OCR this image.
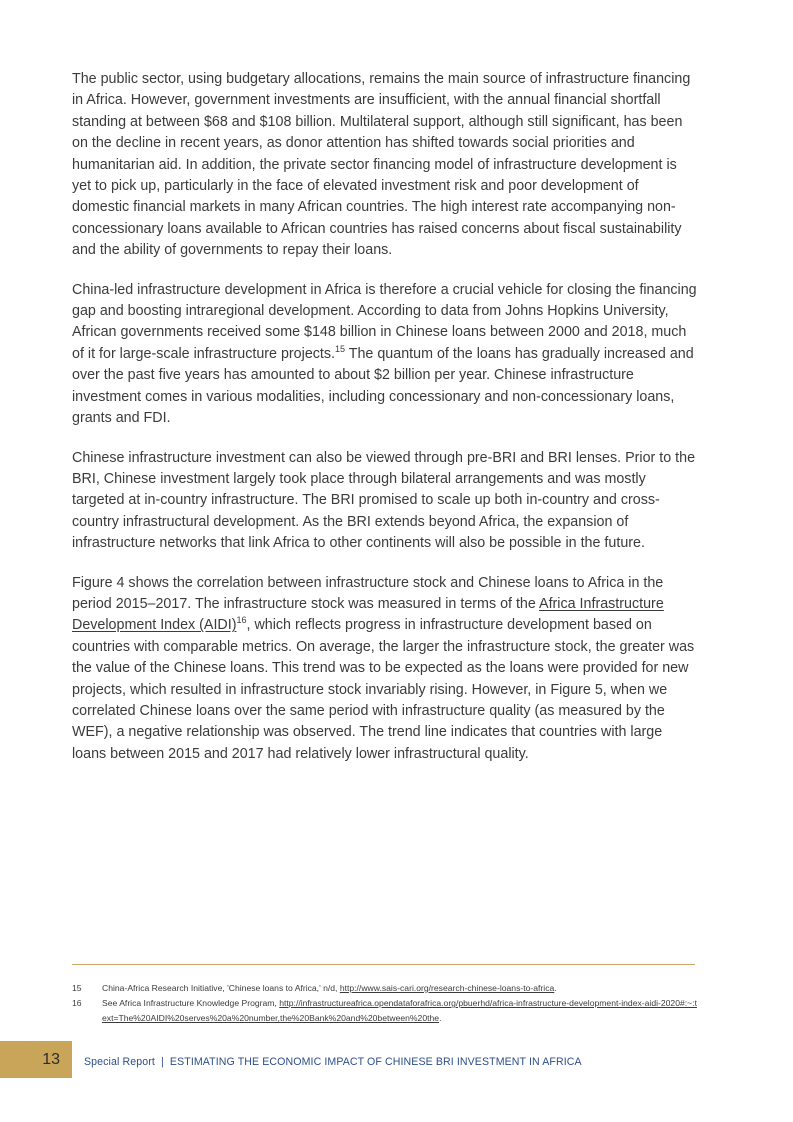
The public sector, using budgetary allocations, remains the main source of infrastructure financing in Africa. However, government investments are insufficient, with the annual financial shortfall standing at between $68 and $108 billion. Multilateral support, although still significant, has been on the decline in recent years, as donor attention has shifted towards social priorities and humanitarian aid. In addition, the private sector financing model of infrastructure development is yet to pick up, particularly in the face of elevated investment risk and poor development of domestic financial markets in many African countries. The high interest rate accompanying non-concessionary loans available to African countries has raised concerns about fiscal sustainability and the ability of governments to repay their loans.

China-led infrastructure development in Africa is therefore a crucial vehicle for closing the financing gap and boosting intraregional development. According to data from Johns Hopkins University, African governments received some $148 billion in Chinese loans between 2000 and 2018, much of it for large-scale infrastructure projects.$^{15}$ The quantum of the loans has gradually increased and over the past five years has amounted to about $2 billion per year. Chinese infrastructure investment comes in various modalities, including concessionary and non-concessionary loans, grants and FDI.

Chinese infrastructure investment can also be viewed through pre-BRI and BRI lenses. Prior to the BRI, Chinese investment largely took place through bilateral arrangements and was mostly targeted at in-country infrastructure. The BRI promised to scale up both in-country and cross-country infrastructural development. As the BRI extends beyond Africa, the expansion of infrastructure networks that link Africa to other continents will also be possible in the future.

Figure 4 shows the correlation between infrastructure stock and Chinese loans to Africa in the period 2015–2017. The infrastructure stock was measured in terms of the Africa Infrastructure Development Index (AIDI)$^{16}$, which reflects progress in infrastructure development based on countries with comparable metrics. On average, the larger the infrastructure stock, the greater was the value of the Chinese loans. This trend was to be expected as the loans were provided for new projects, which resulted in infrastructure stock invariably rising. However, in Figure 5, when we correlated Chinese loans over the same period with infrastructure quality (as measured by the WEF), a negative relationship was observed. The trend line indicates that countries with large loans between 2015 and 2017 had relatively lower infrastructural quality.

15	China-Africa Research Initiative, 'Chinese loans to Africa,' n/d, http://www.sais-cari.org/research-chinese-loans-to-africa.
16	See Africa Infrastructure Knowledge Program, http://infrastructureafrica.opendataforafrica.org/pbuerhd/africa-infrastructure-development-index-aidi-2020#:~:text=The%20AIDI%20serves%20a%20number,the%20Bank%20and%20between%20the.
13 Special Report  |  ESTIMATING THE ECONOMIC IMPACT OF CHINESE BRI INVESTMENT IN AFRICA
